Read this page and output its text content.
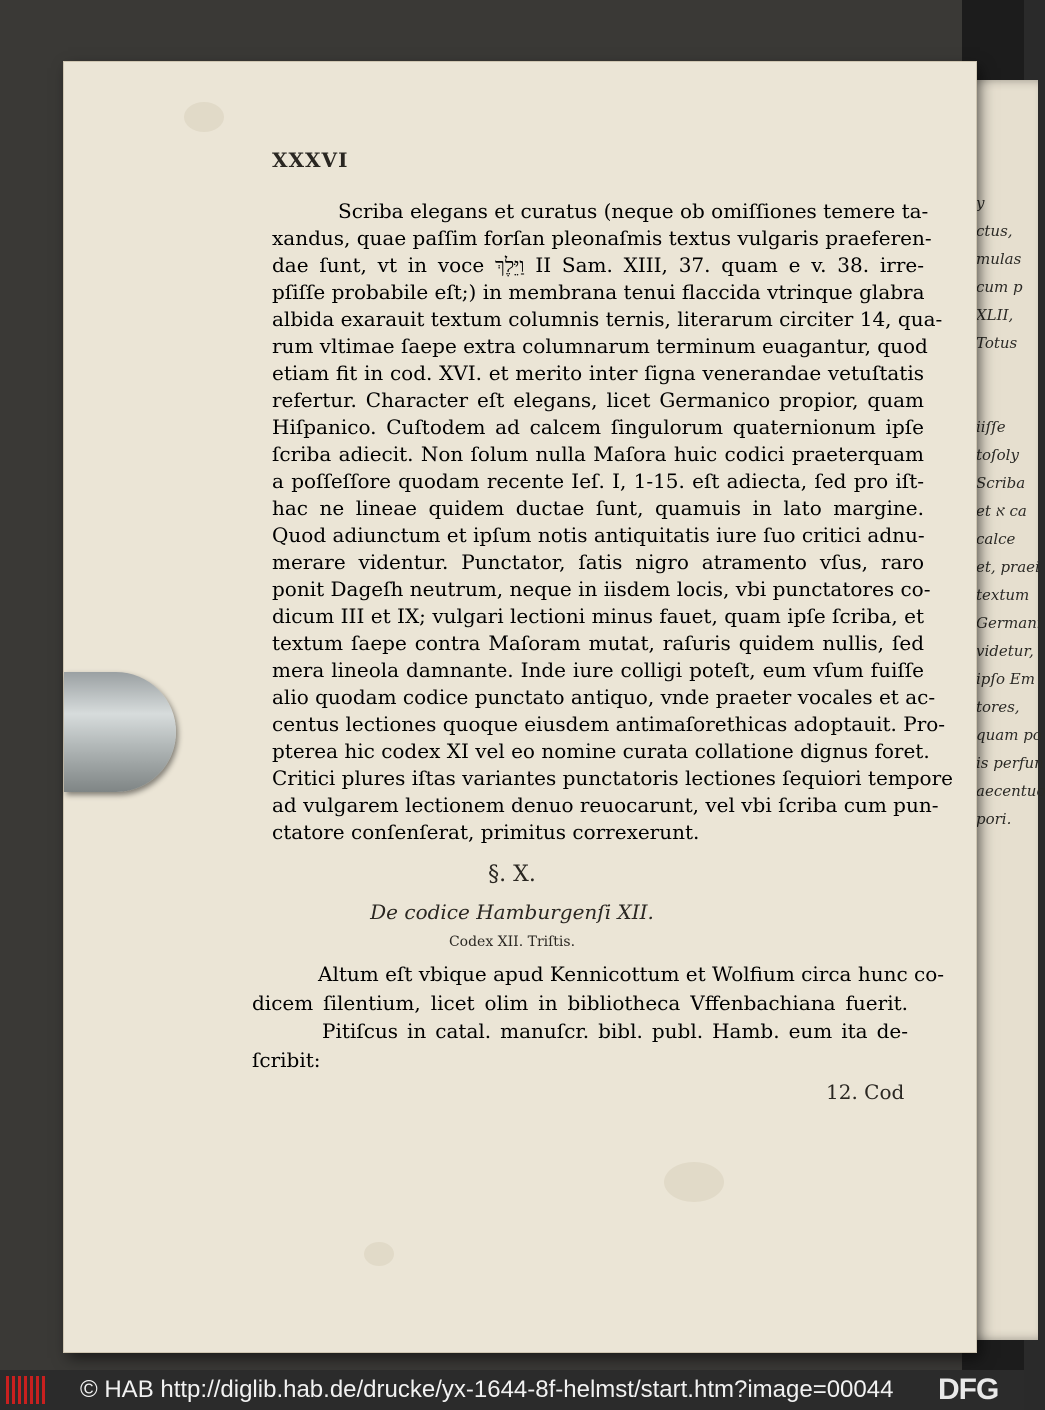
y
ctus,
mulas
cum p
XLII,
Totus
iiſſe
toſoly
Scriba
et א ca
calce
et, praei
textum
Germani
videtur,
ipſo Em
tores,
quam po
is perfun
aecentuo
pori.
XXXVI
Scriba elegans et curatus (neque ob omiſſiones temere ta-
xandus, quae paſſim forſan pleonaſmis textus vulgaris praeferen-
dae ſunt, vt in voce וַיֵּלֶךְ II Sam. XIII, 37. quam e v. 38. irre-
pſiſſe probabile eſt;) in membrana tenui flaccida vtrinque glabra
albida exarauit textum columnis ternis, literarum circiter 14, qua-
rum vltimae ſaepe extra columnarum terminum euagantur, quod
etiam fit in cod. XVI. et merito inter ſigna venerandae vetuſtatis
refertur. Character eſt elegans, licet Germanico propior, quam
Hiſpanico. Cuſtodem ad calcem ſingulorum quaternionum ipſe
ſcriba adiecit. Non ſolum nulla Maſora huic codici praeterquam
a poſſeſſore quodam recente Ieſ. I, 1-15. eſt adiecta, ſed pro iſt-
hac ne lineae quidem ductae ſunt, quamuis in lato margine.
Quod adiunctum et ipſum notis antiquitatis iure ſuo critici adnu-
merare videntur. Punctator, ſatis nigro atramento vſus, raro
ponit Dageſh neutrum, neque in iisdem locis, vbi punctatores co-
dicum III et IX; vulgari lectioni minus fauet, quam ipſe ſcriba, et
textum ſaepe contra Maſoram mutat, raſuris quidem nullis, ſed
mera lineola damnante. Inde iure colligi poteſt, eum vſum fuiſſe
alio quodam codice punctato antiquo, vnde praeter vocales et ac-
centus lectiones quoque eiusdem antimaſorethicas adoptauit. Pro-
pterea hic codex XI vel eo nomine curata collatione dignus foret.
Critici plures iſtas variantes punctatoris lectiones ſequiori tempore
ad vulgarem lectionem denuo reuocarunt, vel vbi ſcriba cum pun-
ctatore conſenſerat, primitus correxerunt.
§. X.
De codice Hamburgenſi XII.
Codex XII. Triſtis.
Altum eſt vbique apud Kennicottum et Wolfium circa hunc co-
dicem ſilentium, licet olim in bibliotheca Vffenbachiana fuerit.
Pitiſcus in catal. manuſcr. bibl. publ. Hamb. eum ita de-
ſcribit:
12. Cod
© HAB http://diglib.hab.de/drucke/yx-1644-8f-helmst/start.htm?image=00044 DFG
